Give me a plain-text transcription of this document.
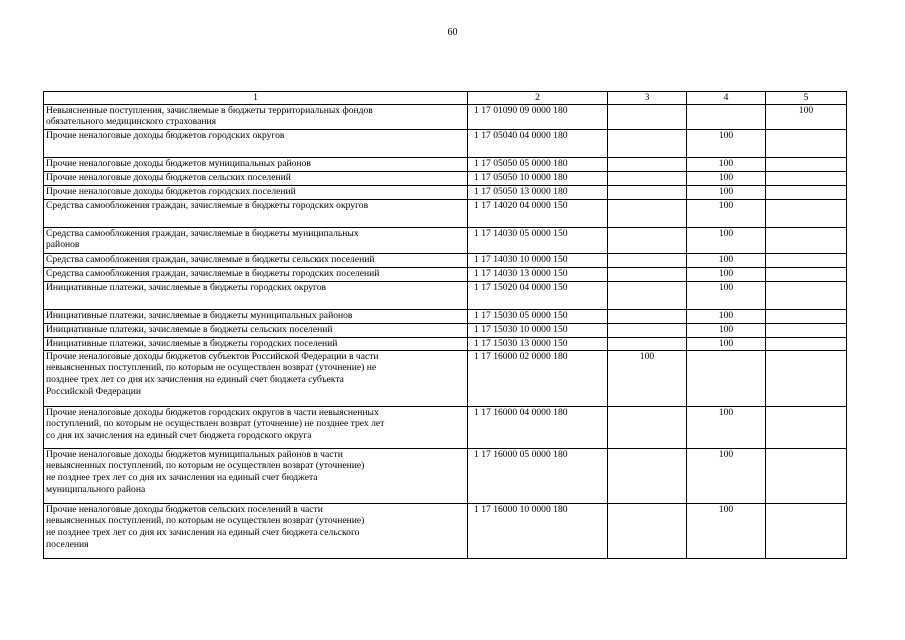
60
1	2	3	4	5
Невыясненные поступления, зачисляемые в бюджеты территориальных фондов
обязательного медицинского страхования	1 17 01090 09 0000 180			100
Прочие неналоговые доходы бюджетов городских округов	1 17 05040 04 0000 180		100	
Прочие неналоговые доходы бюджетов муниципальных районов	1 17 05050 05 0000 180		100	
Прочие неналоговые доходы бюджетов сельских поселений	1 17 05050 10 0000 180		100	
Прочие неналоговые доходы бюджетов городских поселений	1 17 05050 13 0000 180		100	
Средства самообложения граждан, зачисляемые в бюджеты городских округов	1 17 14020 04 0000 150		100	
Средства самообложения граждан, зачисляемые в бюджеты муниципальных
районов	1 17 14030 05 0000 150		100	
Средства самообложения граждан, зачисляемые в бюджеты сельских поселений	1 17 14030 10 0000 150		100	
Средства самообложения граждан, зачисляемые в бюджеты городских поселений	1 17 14030 13 0000 150		100	
Инициативные платежи, зачисляемые в бюджеты городских округов	1 17 15020 04 0000 150		100	
Инициативные платежи, зачисляемые в бюджеты муниципальных районов	1 17 15030 05 0000 150		100	
Инициативные платежи, зачисляемые в бюджеты сельских поселений	1 17 15030 10 0000 150		100	
Инициативные платежи, зачисляемые в бюджеты городских поселений	1 17 15030 13 0000 150		100	
Прочие неналоговые доходы бюджетов субъектов Российской Федерации в части
невыясненных поступлений, по которым не осуществлен возврат (уточнение) не
позднее трех лет со дня их зачисления на единый счет бюджета субъекта
Российской Федерации	1 17 16000 02 0000 180	100		
Прочие неналоговые доходы бюджетов городских округов в части невыясненных
поступлений, по которым не осуществлен возврат (уточнение) не позднее трех лет
со дня их зачисления на единый счет бюджета городского округа	1 17 16000 04 0000 180		100	
Прочие неналоговые доходы бюджетов муниципальных районов в части
невыясненных поступлений, по которым не осуществлен возврат (уточнение)
не позднее трех лет со дня их зачисления на единый счет бюджета
муниципального района	1 17 16000 05 0000 180		100	
Прочие неналоговые доходы бюджетов сельских поселений в части
невыясненных поступлений, по которым не осуществлен возврат (уточнение)
не позднее трех лет со дня их зачисления на единый счет бюджета сельского
поселения	1 17 16000 10 0000 180		100	
